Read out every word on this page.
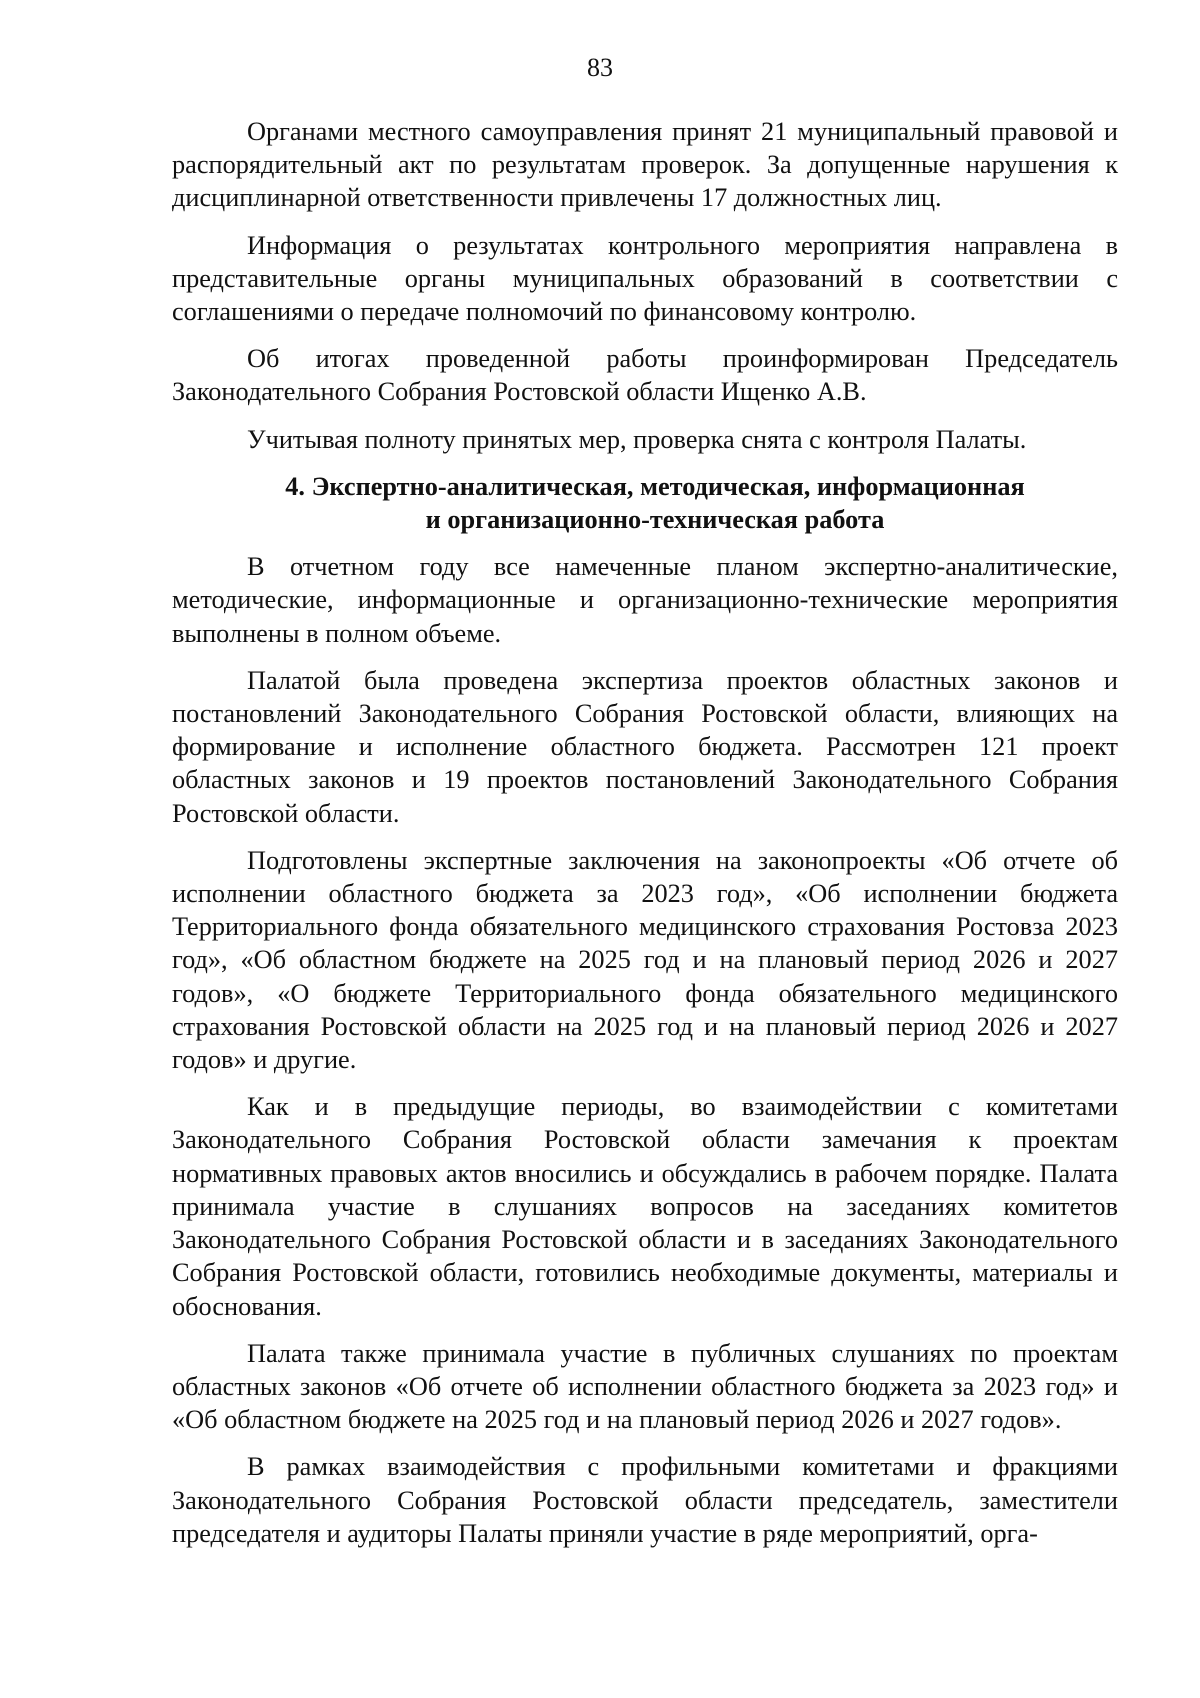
83

Органами местного самоуправления принят 21 муниципальный правовой и распорядительный акт по результатам проверок. За допущенные нарушения к дисциплинарной ответственности привлечены 17 должностных лиц.

Информация о результатах контрольного мероприятия направлена в представительные органы муниципальных образований в соответствии с соглашениями о передаче полномочий по финансовому контролю.

Об итогах проведенной работы проинформирован Председатель Законодательного Собрания Ростовской области Ищенко А.В.

Учитывая полноту принятых мер, проверка снята с контроля Палаты.

4. Экспертно-аналитическая, методическая, информационная
и организационно-техническая работа

В отчетном году все намеченные планом экспертно-аналитические, методические, информационные и организационно-технические мероприятия выполнены в полном объеме.

Палатой была проведена экспертиза проектов областных законов и постановлений Законодательного Собрания Ростовской области, влияющих на формирование и исполнение областного бюджета. Рассмотрен 121 проект областных законов и 19 проектов постановлений Законодательного Собрания Ростовской области.

Подготовлены экспертные заключения на законопроекты «Об отчете об исполнении областного бюджета за 2023 год», «Об исполнении бюджета Территориального фонда обязательного медицинского страхования Ростовза 2023 год», «Об областном бюджете на 2025 год и на плановый период 2026 и 2027 годов», «О бюджете Территориального фонда обязательного медицинского страхования Ростовской области на 2025 год и на плановый период 2026 и 2027 годов» и другие.

Как и в предыдущие периоды, во взаимодействии с комитетами Законодательного Собрания Ростовской области замечания к проектам нормативных правовых актов вносились и обсуждались в рабочем порядке. Палата принимала участие в слушаниях вопросов на заседаниях комитетов Законодательного Собрания Ростовской области и в заседаниях Законодательного Собрания Ростовской области, готовились необходимые документы, материалы и обоснования.

Палата также принимала участие в публичных слушаниях по проектам областных законов «Об отчете об исполнении областного бюджета за 2023 год» и «Об областном бюджете на 2025 год и на плановый период 2026 и 2027 годов».

В рамках взаимодействия с профильными комитетами и фракциями Законодательного Собрания Ростовской области председатель, заместители председателя и аудиторы Палаты приняли участие в ряде мероприятий, орга-
